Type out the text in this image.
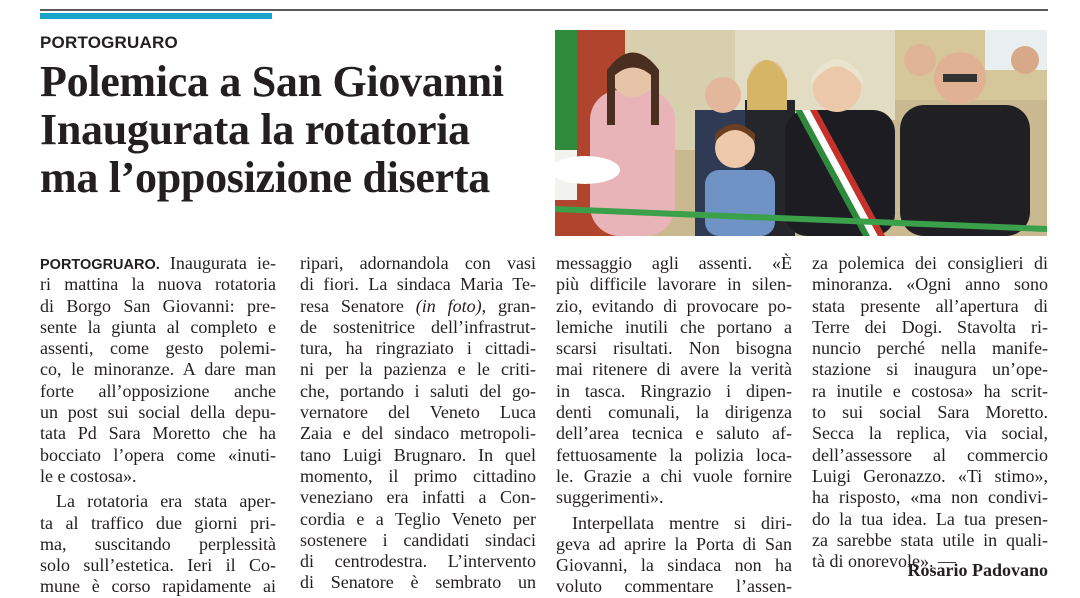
PORTOGRUARO
Polemica a San Giovanni
Inaugurata la rotatoria
ma l’opposizione diserta
PORTOGRUARO. Inaugurata ie-
ri mattina la nuova rotatoria
di Borgo San Giovanni: pre-
sente la giunta al completo e
assenti, come gesto polemi-
co, le minoranze. A dare man
forte all’opposizione anche
un post sui social della depu-
tata Pd Sara Moretto che ha
bocciato l’opera come «inuti-
le e costosa».
La rotatoria era stata aper-
ta al traffico due giorni pri-
ma, suscitando perplessità
solo sull’estetica. Ieri il Co-
mune è corso rapidamente ai
ripari, adornandola con vasi
di fiori. La sindaca Maria Te-
resa Senatore (in foto), gran-
de sostenitrice dell’infrastrut-
tura, ha ringraziato i cittadi-
ni per la pazienza e le criti-
che, portando i saluti del go-
vernatore del Veneto Luca
Zaia e del sindaco metropoli-
tano Luigi Brugnaro. In quel
momento, il primo cittadino
veneziano era infatti a Con-
cordia e a Teglio Veneto per
sostenere i candidati sindaci
di centrodestra. L’intervento
di Senatore è sembrato un
messaggio agli assenti. «È
più difficile lavorare in silen-
zio, evitando di provocare po-
lemiche inutili che portano a
scarsi risultati. Non bisogna
mai ritenere di avere la verità
in tasca. Ringrazio i dipen-
denti comunali, la dirigenza
dell’area tecnica e saluto af-
fettuosamente la polizia loca-
le. Grazie a chi vuole fornire
suggerimenti».
Interpellata mentre si diri-
geva ad aprire la Porta di San
Giovanni, la sindaca non ha
voluto commentare l’assen-
za polemica dei consiglieri di
minoranza. «Ogni anno sono
stata presente all’apertura di
Terre dei Dogi. Stavolta ri-
nuncio perché nella manife-
stazione si inaugura un’ope-
ra inutile e costosa» ha scrit-
to sui social Sara Moretto.
Secca la replica, via social,
dell’assessore al commercio
Luigi Geronazzo. «Ti stimo»,
ha risposto, «ma non condivi-
do la tua idea. La tua presen-
za sarebbe stata utile in quali-
tà di onorevole». —
Rosario Padovano
